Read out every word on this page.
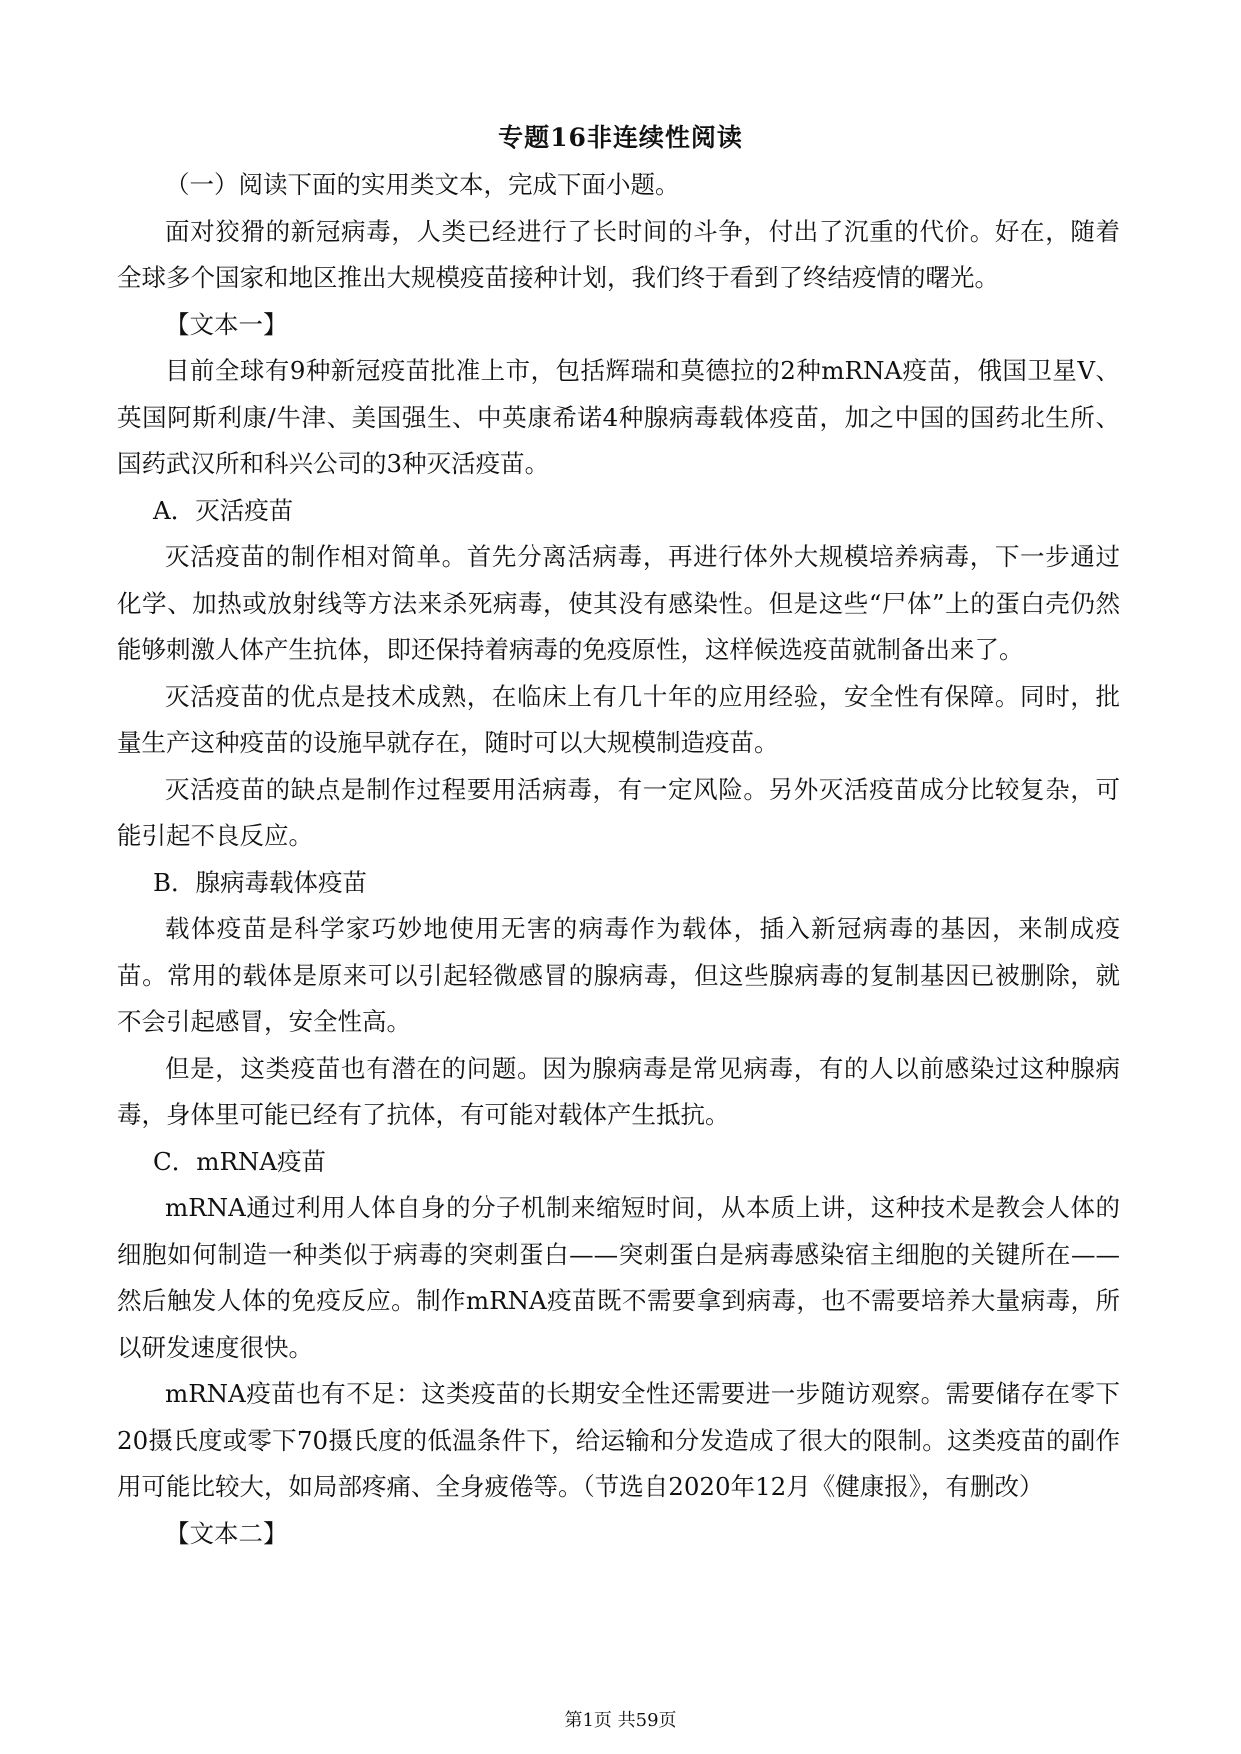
专题16非连续性阅读

（一）阅读下面的实用类文本，完成下面小题。

面对狡猾的新冠病毒，人类已经进行了长时间的斗争，付出了沉重的代价。好在，随着全球多个国家和地区推出大规模疫苗接种计划，我们终于看到了终结疫情的曙光。

【文本一】

目前全球有9种新冠疫苗批准上市，包括辉瑞和莫德拉的2种mRNA疫苗，俄国卫星V、英国阿斯利康/牛津、美国强生、中英康希诺4种腺病毒载体疫苗，加之中国的国药北生所、国药武汉所和科兴公司的3种灭活疫苗。

A．灭活疫苗

灭活疫苗的制作相对简单。首先分离活病毒，再进行体外大规模培养病毒，下一步通过化学、加热或放射线等方法来杀死病毒，使其没有感染性。但是这些“尸体”上的蛋白壳仍然能够刺激人体产生抗体，即还保持着病毒的免疫原性，这样候选疫苗就制备出来了。

灭活疫苗的优点是技术成熟，在临床上有几十年的应用经验，安全性有保障。同时，批量生产这种疫苗的设施早就存在，随时可以大规模制造疫苗。

灭活疫苗的缺点是制作过程要用活病毒，有一定风险。另外灭活疫苗成分比较复杂，可能引起不良反应。

B．腺病毒载体疫苗

载体疫苗是科学家巧妙地使用无害的病毒作为载体，插入新冠病毒的基因，来制成疫苗。常用的载体是原来可以引起轻微感冒的腺病毒，但这些腺病毒的复制基因已被删除，就不会引起感冒，安全性高。

但是，这类疫苗也有潜在的问题。因为腺病毒是常见病毒，有的人以前感染过这种腺病毒，身体里可能已经有了抗体，有可能对载体产生抵抗。

C．mRNA疫苗

mRNA通过利用人体自身的分子机制来缩短时间，从本质上讲，这种技术是教会人体的细胞如何制造一种类似于病毒的突刺蛋白——突刺蛋白是病毒感染宿主细胞的关键所在——然后触发人体的免疫反应。制作mRNA疫苗既不需要拿到病毒，也不需要培养大量病毒，所以研发速度很快。

mRNA疫苗也有不足：这类疫苗的长期安全性还需要进一步随访观察。需要储存在零下20摄氏度或零下70摄氏度的低温条件下，给运输和分发造成了很大的限制。这类疫苗的副作用可能比较大，如局部疼痛、全身疲倦等。（节选自2020年12月《健康报》，有删改）

【文本二】

第1页 共59页
